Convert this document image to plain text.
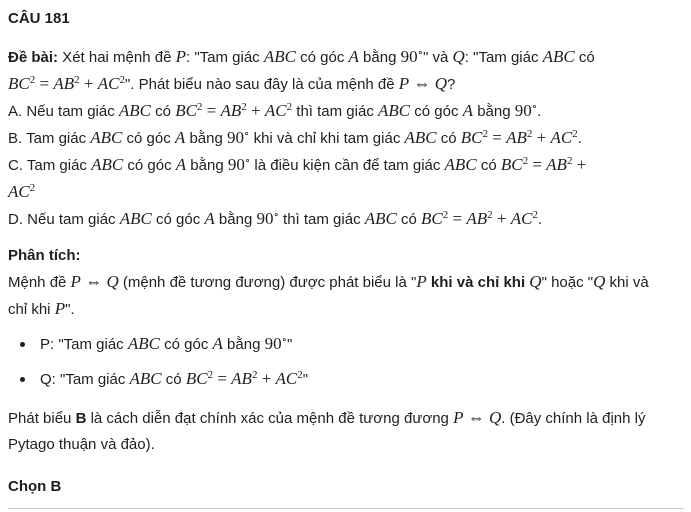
CÂU 181

Đề bài: Xét hai mệnh đề P: "Tam giác ABC có góc A bằng 90∘" và Q: "Tam giác ABC có
$BC^2 = AB^2 + AC^2$". Phát biểu nào sau đây là của mệnh đề P ⇔ Q?

A. Nếu tam giác ABC có $BC^2 = AB^2 + AC^2$ thì tam giác ABC có góc A bằng 90∘.

B. Tam giác ABC có góc A bằng 90∘ khi và chỉ khi tam giác ABC có $BC^2 = AB^2 + AC^2$.

C. Tam giác ABC có góc A bằng 90∘ là điều kiện cần để tam giác ABC có $BC^2 = AB^2$ +
$AC^2$

D. Nếu tam giác ABC có góc A bằng 90∘ thì tam giác ABC có $BC^2 = AB^2 + AC^2$.

Phân tích:

Mệnh đề P ⇔ Q (mệnh đề tương đương) được phát biểu là "P khi và chỉ khi Q" hoặc "Q khi và
chỉ khi P".

P: "Tam giác ABC có góc A bằng 90∘"
Q: "Tam giác ABC có $BC^2 = AB^2 + AC^2$"

Phát biểu B là cách diễn đạt chính xác của mệnh đề tương đương P ⇔ Q. (Đây chính là định lý
Pytago thuận và đảo).

Chọn B
